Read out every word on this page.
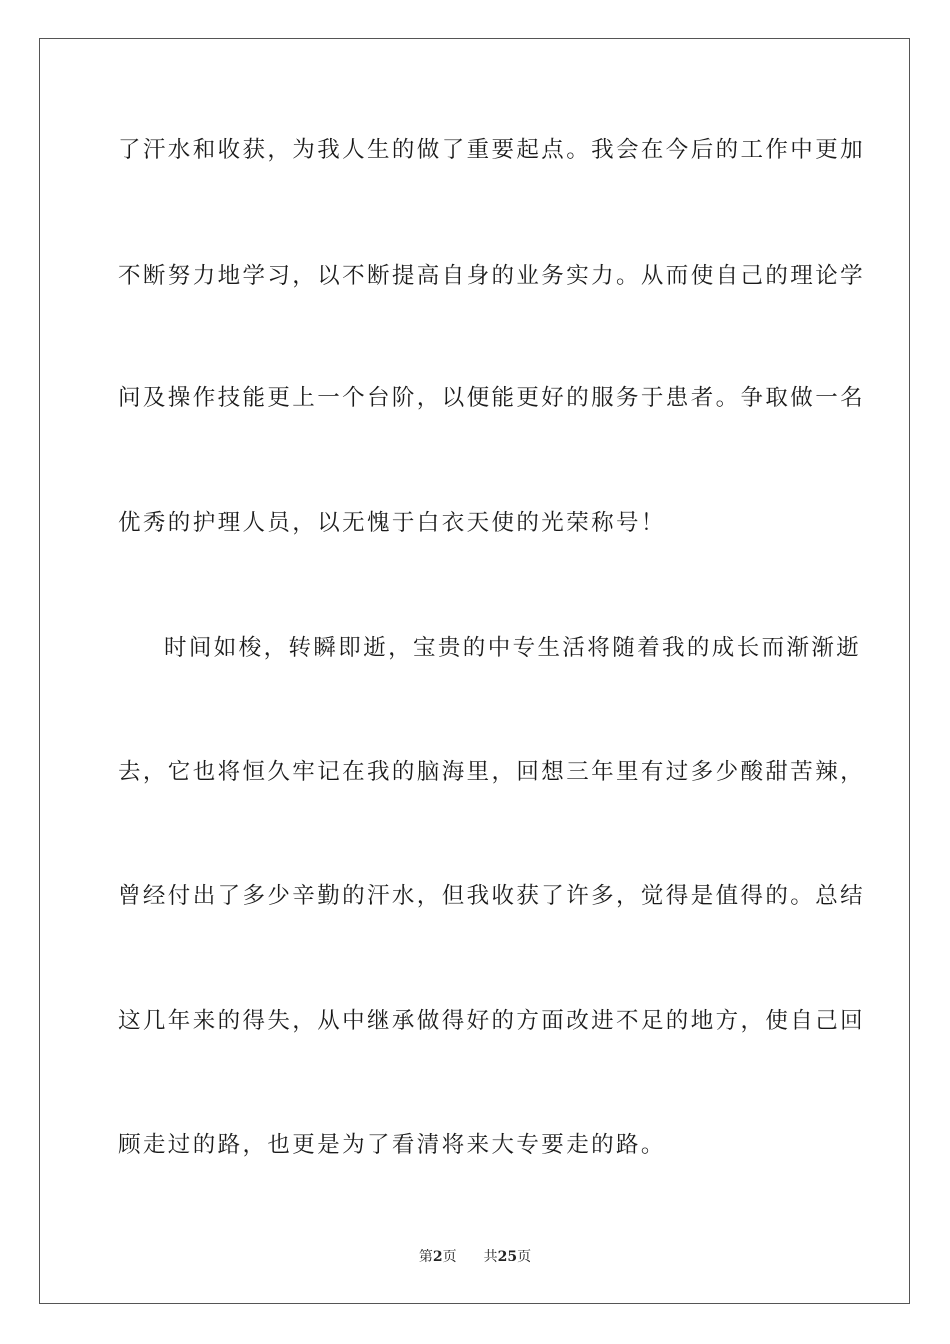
了汗水和收获，为我人生的做了重要起点。我会在今后的工作中更加
不断努力地学习，以不断提高自身的业务实力。从而使自己的理论学
问及操作技能更上一个台阶，以便能更好的服务于患者。争取做一名
优秀的护理人员，以无愧于白衣天使的光荣称号！
时间如梭，转瞬即逝，宝贵的中专生活将随着我的成长而渐渐逝
去，它也将恒久牢记在我的脑海里，回想三年里有过多少酸甜苦辣，
曾经付出了多少辛勤的汗水，但我收获了许多，觉得是值得的。总结
这几年来的得失，从中继承做得好的方面改进不足的地方，使自己回
顾走过的路，也更是为了看清将来大专要走的路。
第2页 共25页
